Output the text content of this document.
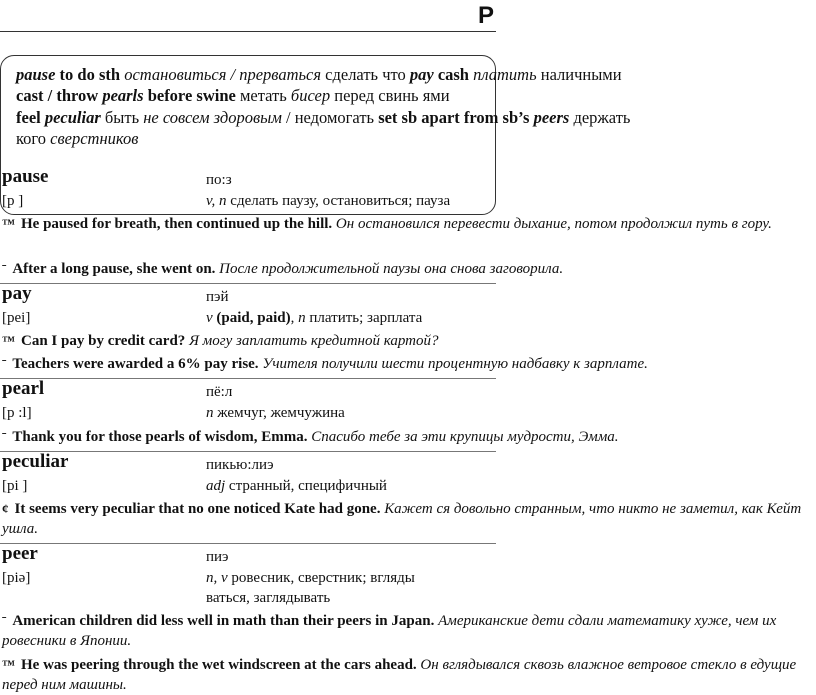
P
pause to do sth остановиться / прерваться сделать что pay cash платить наличными
cast / throw pearls before swine метать бисер перед свинь ями
feel peculiar быть не совсем здоровым / недомогать set sb apart from sb’s peers держать
кого сверстников
pause	по:з
[p ]	v, n сделать паузу, остановиться; пауза
™ He paused for breath, then continued up the hill. Он остановился перевести дыхание, потом продолжил путь в гору.
ˉ After a long pause, she went on. После продолжительной паузы она снова заговорила.
pay	пэй
[pei]	v (paid, paid), n платить; зарплата
™ Can I pay by credit card? Я могу заплатить кредитной картой?
ˉ Teachers were awarded a 6% pay rise. Учителя получили шести процентную надбавку к зарплате.
pearl	пё:л
[p :l]	n жемчуг, жемчужина
ˉ Thank you for those pearls of wisdom, Emma. Спасибо тебе за эти крупицы мудрости, Эмма.
peculiar	пикью:лиэ
[pi ]	adj странный, специфичный
¢ It seems very peculiar that no one noticed Kate had gone. Кажет ся довольно странным, что никто не заметил, как Кейт ушла.
peer	пиэ
[piə]	n, v ровесник, сверстник; вгляды
ваться, заглядывать
ˉ American children did less well in math than their peers in Japan. Американские дети сдали математику хуже, чем их ровесники в Японии.
™ He was peering through the wet windscreen at the cars ahead. Он вглядывался сквозь влажное ветровое стекло в едущие перед ним машины.
